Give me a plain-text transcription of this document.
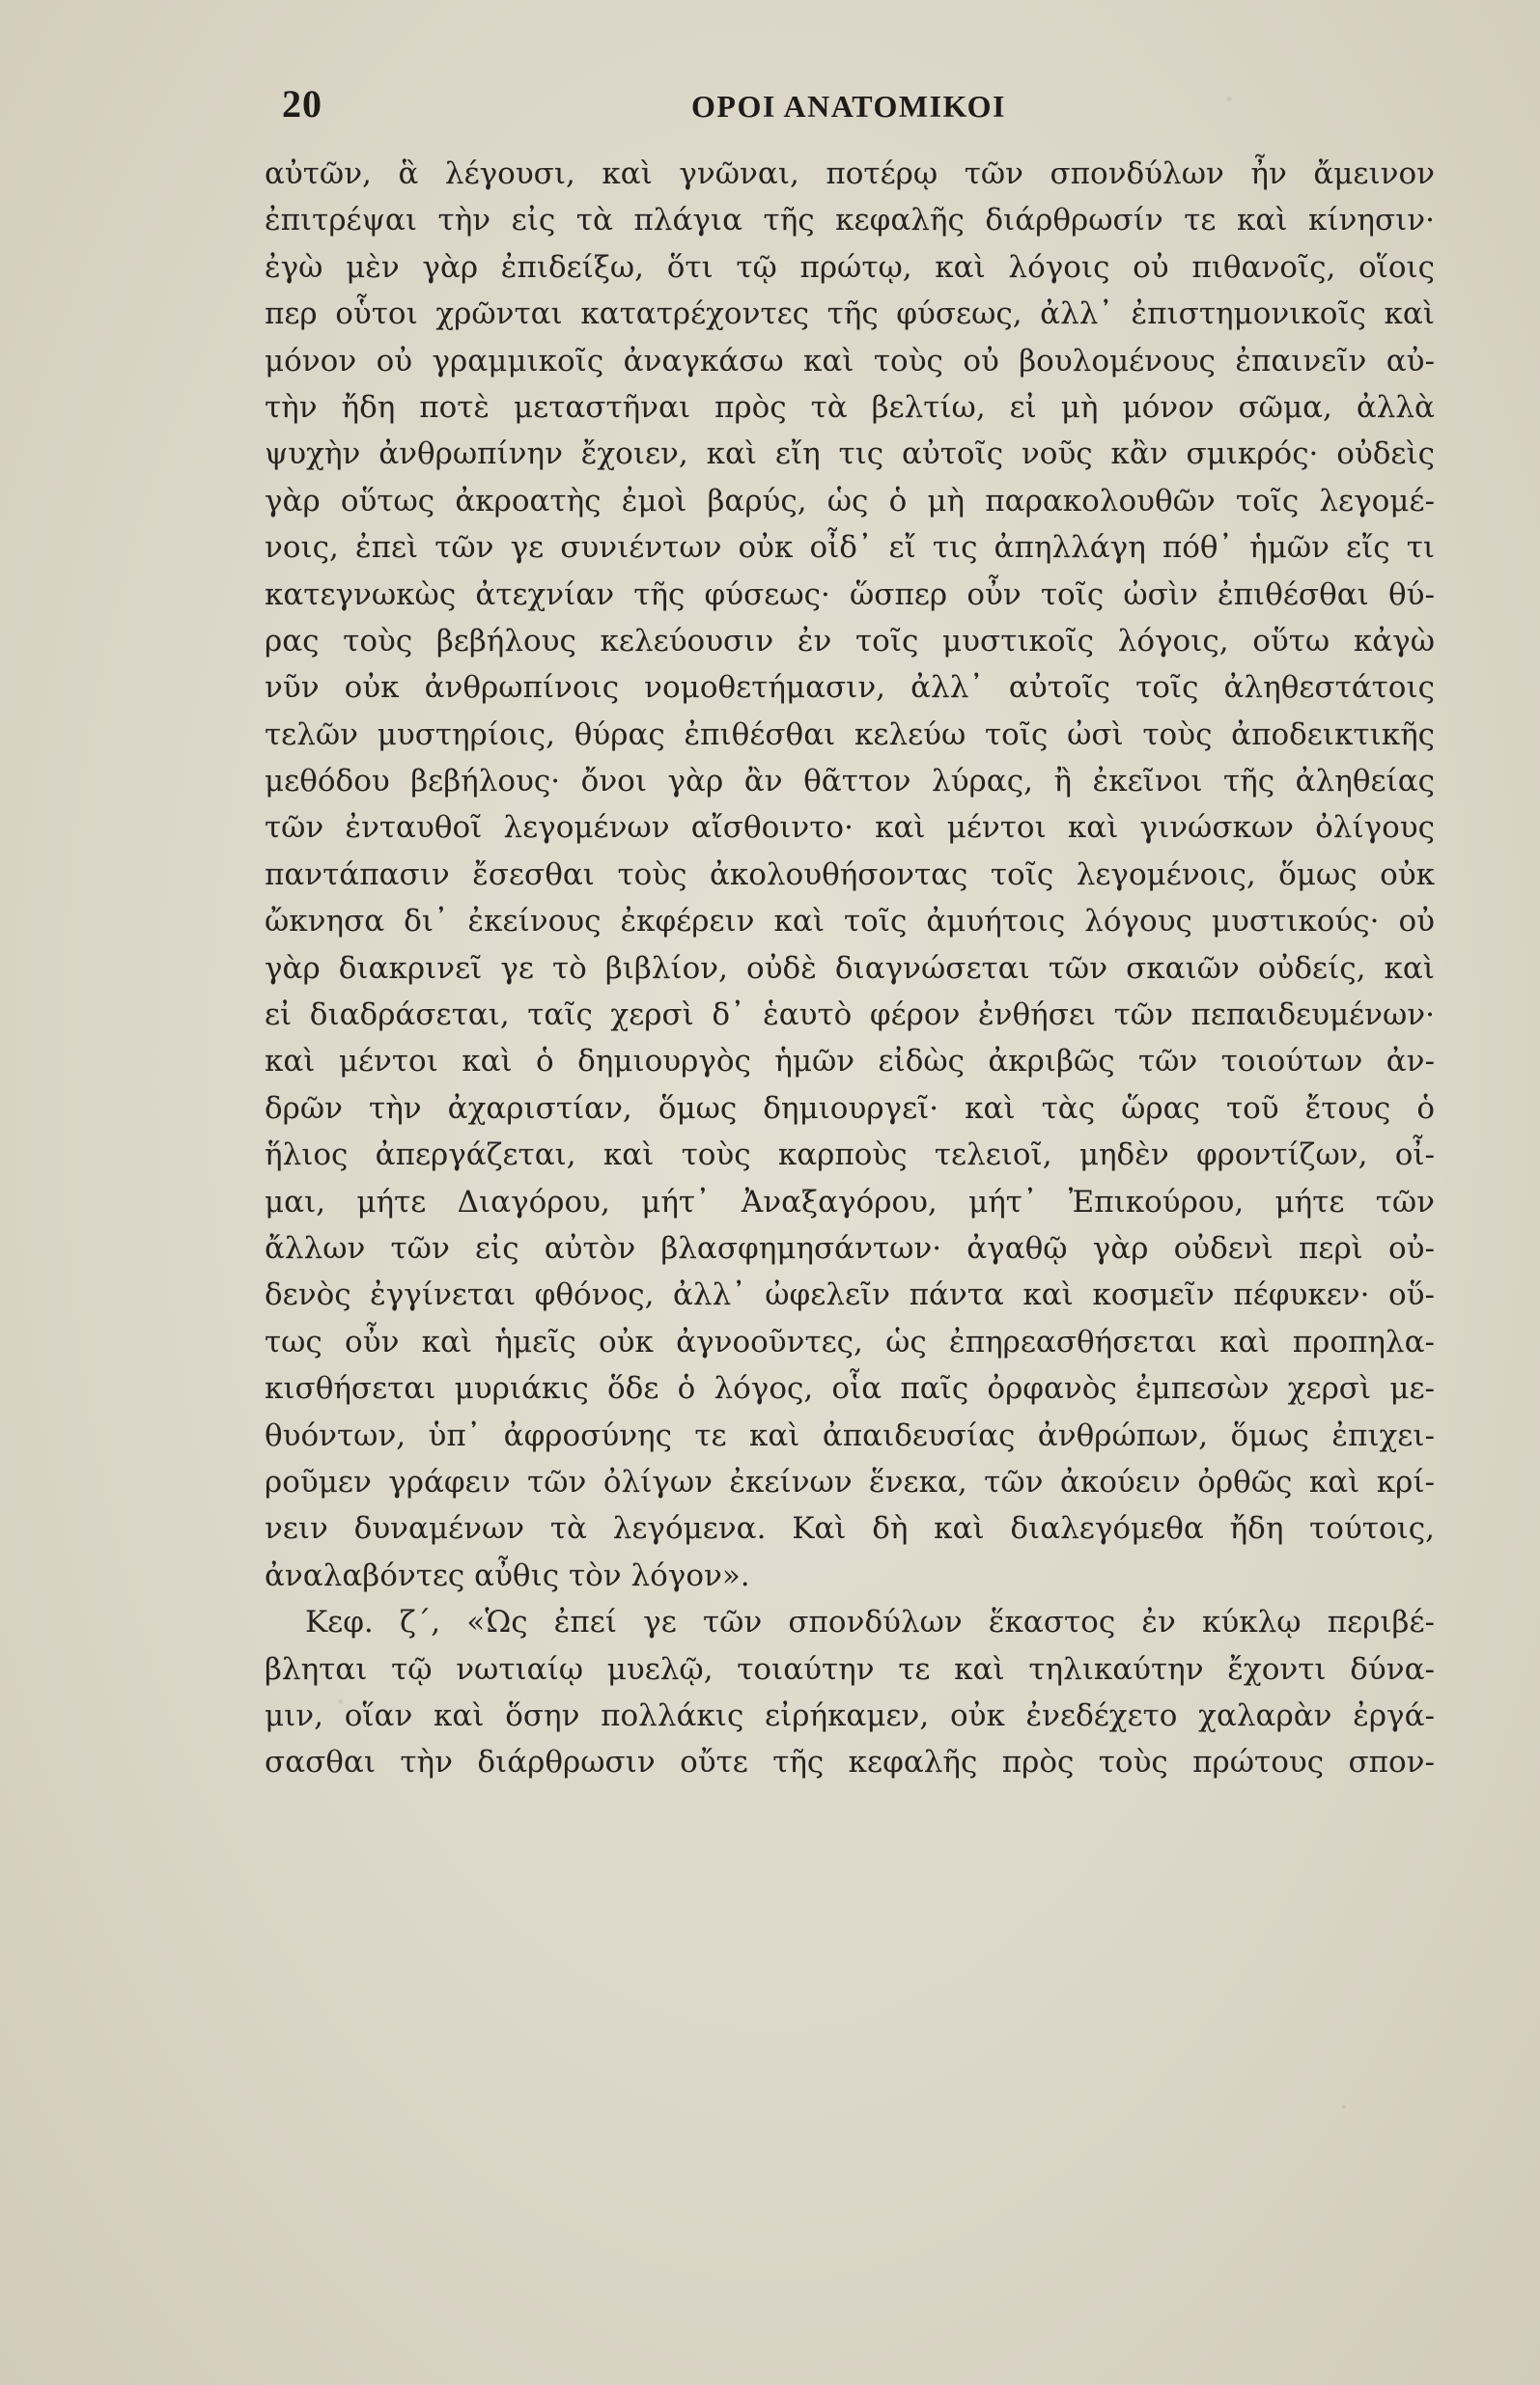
20	ΟΡΟΙ ΑΝΑΤΟΜΙΚΟΙ
αὐτῶν, ἃ λέγουσι, καὶ γνῶναι, ποτέρῳ τῶν σπονδύλων ἦν ἄμεινον
ἐπιτρέψαι τὴν εἰς τὰ πλάγια τῆς κεφαλῆς διάρθρωσίν τε καὶ κίνησιν·
ἐγὼ μὲν γὰρ ἐπιδείξω, ὅτι τῷ πρώτῳ, καὶ λόγοις οὐ πιθανοῖς, οἵοις
περ οὗτοι χρῶνται κατατρέχοντες τῆς φύσεως, ἀλλ᾽ ἐπιστημονικοῖς καὶ
μόνον οὐ γραμμικοῖς ἀναγκάσω καὶ τοὺς οὐ βουλομένους ἐπαινεῖν αὐ-
τὴν ἤδη ποτὲ μεταστῆναι πρὸς τὰ βελτίω, εἰ μὴ μόνον σῶμα, ἀλλὰ
ψυχὴν ἀνθρωπίνην ἔχοιεν, καὶ εἴη τις αὐτοῖς νοῦς κἂν σμικρός· οὐδεὶς
γὰρ οὕτως ἀκροατὴς ἐμοὶ βαρύς, ὡς ὁ μὴ παρακολουθῶν τοῖς λεγομέ-
νοις, ἐπεὶ τῶν γε συνιέντων οὐκ οἶδ᾽ εἴ τις ἀπηλλάγη πόθ᾽ ἡμῶν εἴς τι
κατεγνωκὼς ἀτεχνίαν τῆς φύσεως· ὥσπερ οὖν τοῖς ὠσὶν ἐπιθέσθαι θύ-
ρας τοὺς βεβήλους κελεύουσιν ἐν τοῖς μυστικοῖς λόγοις, οὕτω κἀγὼ
νῦν οὐκ ἀνθρωπίνοις νομοθετήμασιν, ἀλλ᾽ αὐτοῖς τοῖς ἀληθεστάτοις
τελῶν μυστηρίοις, θύρας ἐπιθέσθαι κελεύω τοῖς ὠσὶ τοὺς ἀποδεικτικῆς
μεθόδου βεβήλους· ὄνοι γὰρ ἂν θᾶττον λύρας, ἢ ἐκεῖνοι τῆς ἀληθείας
τῶν ἐνταυθοῖ λεγομένων αἴσθοιντο· καὶ μέντοι καὶ γινώσκων ὀλίγους
παντάπασιν ἔσεσθαι τοὺς ἀκολουθήσοντας τοῖς λεγομένοις, ὅμως οὐκ
ὤκνησα δι᾽ ἐκείνους ἐκφέρειν καὶ τοῖς ἀμυήτοις λόγους μυστικούς· οὐ
γὰρ διακρινεῖ γε τὸ βιβλίον, οὐδὲ διαγνώσεται τῶν σκαιῶν οὐδείς, καὶ
εἰ διαδράσεται, ταῖς χερσὶ δ᾽ ἑαυτὸ φέρον ἐνθήσει τῶν πεπαιδευμένων·
καὶ μέντοι καὶ ὁ δημιουργὸς ἡμῶν εἰδὼς ἀκριβῶς τῶν τοιούτων ἀν-
δρῶν τὴν ἀχαριστίαν, ὅμως δημιουργεῖ· καὶ τὰς ὥρας τοῦ ἔτους ὁ
ἥλιος ἀπεργάζεται, καὶ τοὺς καρποὺς τελειοῖ, μηδὲν φροντίζων, οἶ-
μαι, μήτε Διαγόρου, μήτ᾽ Ἀναξαγόρου, μήτ᾽ Ἐπικούρου, μήτε τῶν
ἄλλων τῶν εἰς αὐτὸν βλασφημησάντων· ἀγαθῷ γὰρ οὐδενὶ περὶ οὐ-
δενὸς ἐγγίνεται φθόνος, ἀλλ᾽ ὠφελεῖν πάντα καὶ κοσμεῖν πέφυκεν· οὕ-
τως οὖν καὶ ἡμεῖς οὐκ ἀγνοοῦντες, ὡς ἐπηρεασθήσεται καὶ προπηλα-
κισθήσεται μυριάκις ὅδε ὁ λόγος, οἷα παῖς ὀρφανὸς ἐμπεσὼν χερσὶ με-
θυόντων, ὑπ᾽ ἀφροσύνης τε καὶ ἀπαιδευσίας ἀνθρώπων, ὅμως ἐπιχει-
ροῦμεν γράφειν τῶν ὀλίγων ἐκείνων ἕνεκα, τῶν ἀκούειν ὀρθῶς καὶ κρί-
νειν δυναμένων τὰ λεγόμενα. Καὶ δὴ καὶ διαλεγόμεθα ἤδη τούτοις,
ἀναλαβόντες αὖθις τὸν λόγον».
Κεφ. ζ΄, «Ὡς ἐπεί γε τῶν σπονδύλων ἕκαστος ἐν κύκλῳ περιβέ-
βληται τῷ νωτιαίῳ μυελῷ, τοιαύτην τε καὶ τηλικαύτην ἔχοντι δύνα-
μιν, οἵαν καὶ ὅσην πολλάκις εἰρήκαμεν, οὐκ ἐνεδέχετο χαλαρὰν ἐργά-
σασθαι τὴν διάρθρωσιν οὔτε τῆς κεφαλῆς πρὸς τοὺς πρώτους σπον-
